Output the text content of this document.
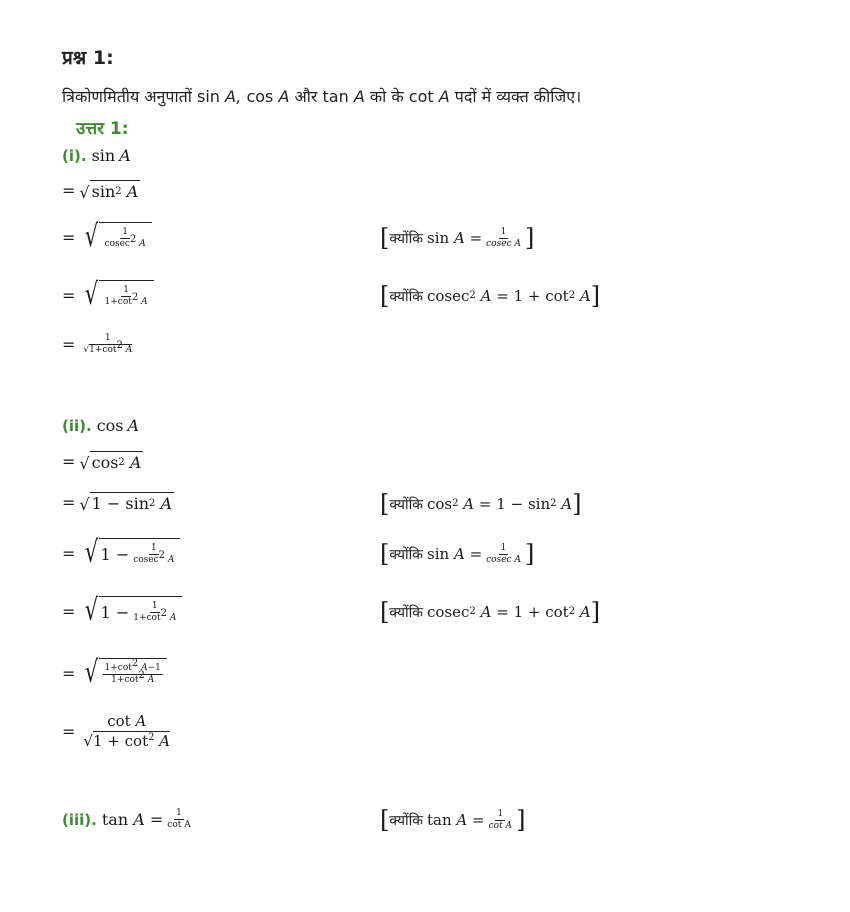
प्रश्न 1:
त्रिकोणमितीय अनुपातों sin A, cos A और tan A को के cot A पदों में व्यक्त कीजिए।
उत्तर 1:
(i). sin A
= √ sin 2
A
= √ $\frac{1}{cosec^2 A}$	[ क्योंकि sin
A
= $\frac{1}{\text{cosec A}}$ ]
= √ $\frac{1}{1+\cot^2 A}$	[ क्योंकि cosec 2
A
=
1
+
cot 2
A ]
= $\frac{1}{√1+\cot^2 A}$
(ii). cos A
= √ cos 2
A
= √ 1
−
sin 2
A	[ क्योंकि cos 2
A
=
1
−
sin 2
A ]
= √ 1
− $\frac{1}{cosec^2 A}$	[ क्योंकि sin
A
= $\frac{1}{\text{cosec A}}$ ]
= √ 1
− $\frac{1}{1+\cot^2 A}$	[ क्योंकि cosec 2
A
=
1
+
cot 2
A ]
= √ $\frac{1+\cot^2 A-1}{1+\cot^2 A}$
= $\frac{\text{cot A}}{√1 + \cot^2 A}$
(iii). tan
A
= $\frac{1}{\text{cot A}}$	[ क्योंकि tan
A
= $\frac{1}{\text{cot A}}$ ]
